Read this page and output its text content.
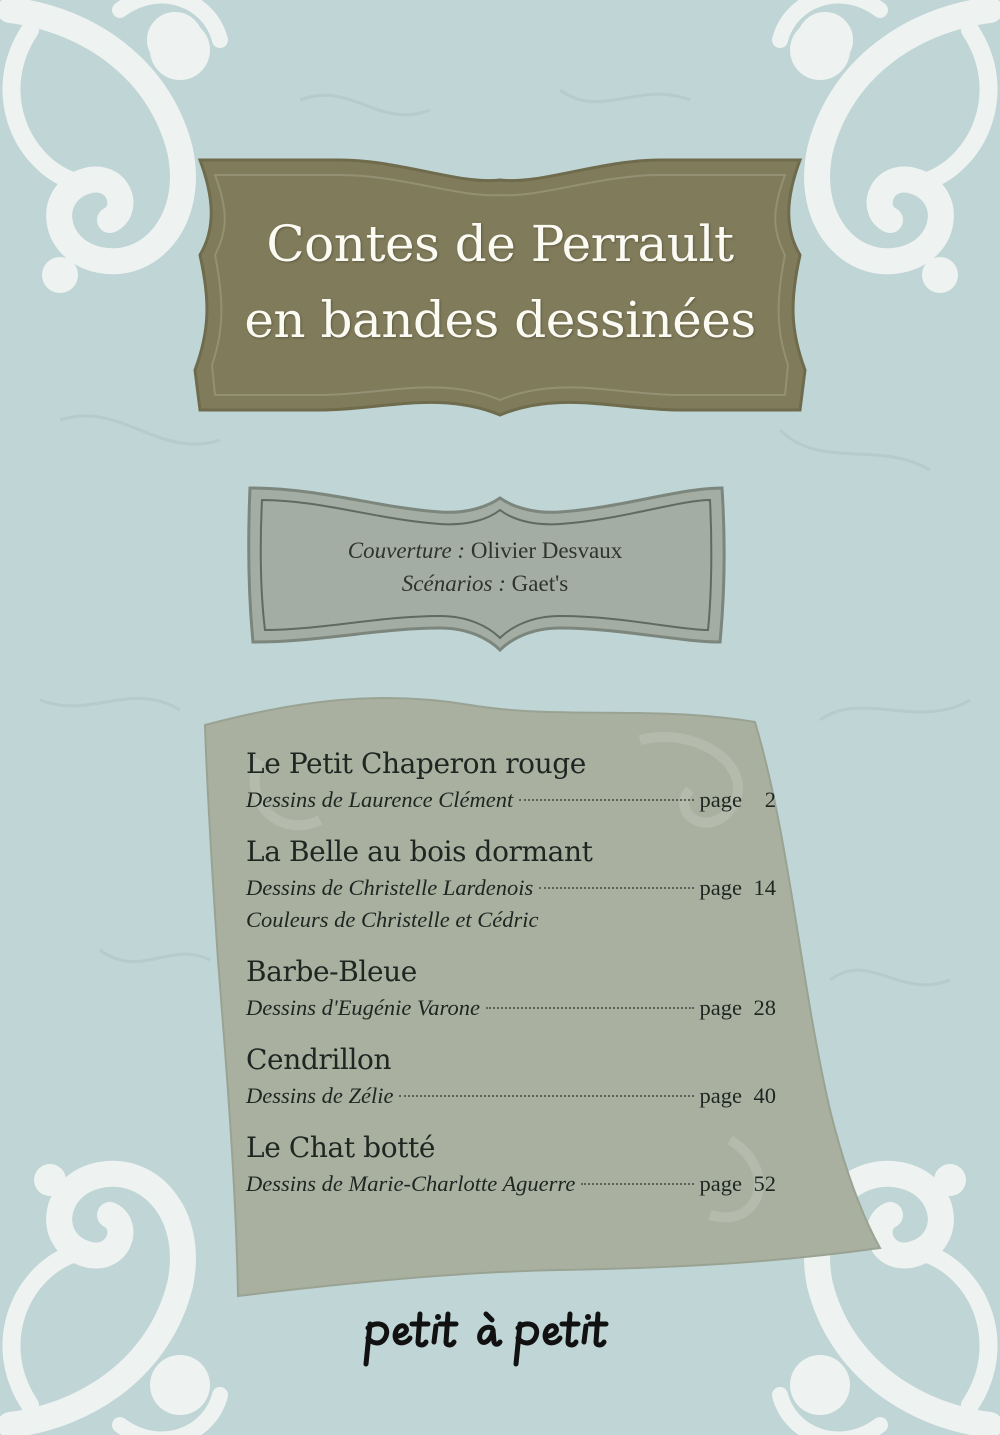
Contes de Perrault
en bandes dessinées
Couverture : Olivier Desvaux
Scénarios : Gaet's
Le Petit Chaperon rouge
Dessins de Laurence Clément	page	2
La Belle au bois dormant
Dessins de Christelle Lardenois	page 14
Couleurs de Christelle et Cédric
Barbe-Bleue
Dessins d'Eugénie Varone	page 28
Cendrillon
Dessins de Zélie	page 40
Le Chat botté
Dessins de Marie-Charlotte Aguerre	page 52
